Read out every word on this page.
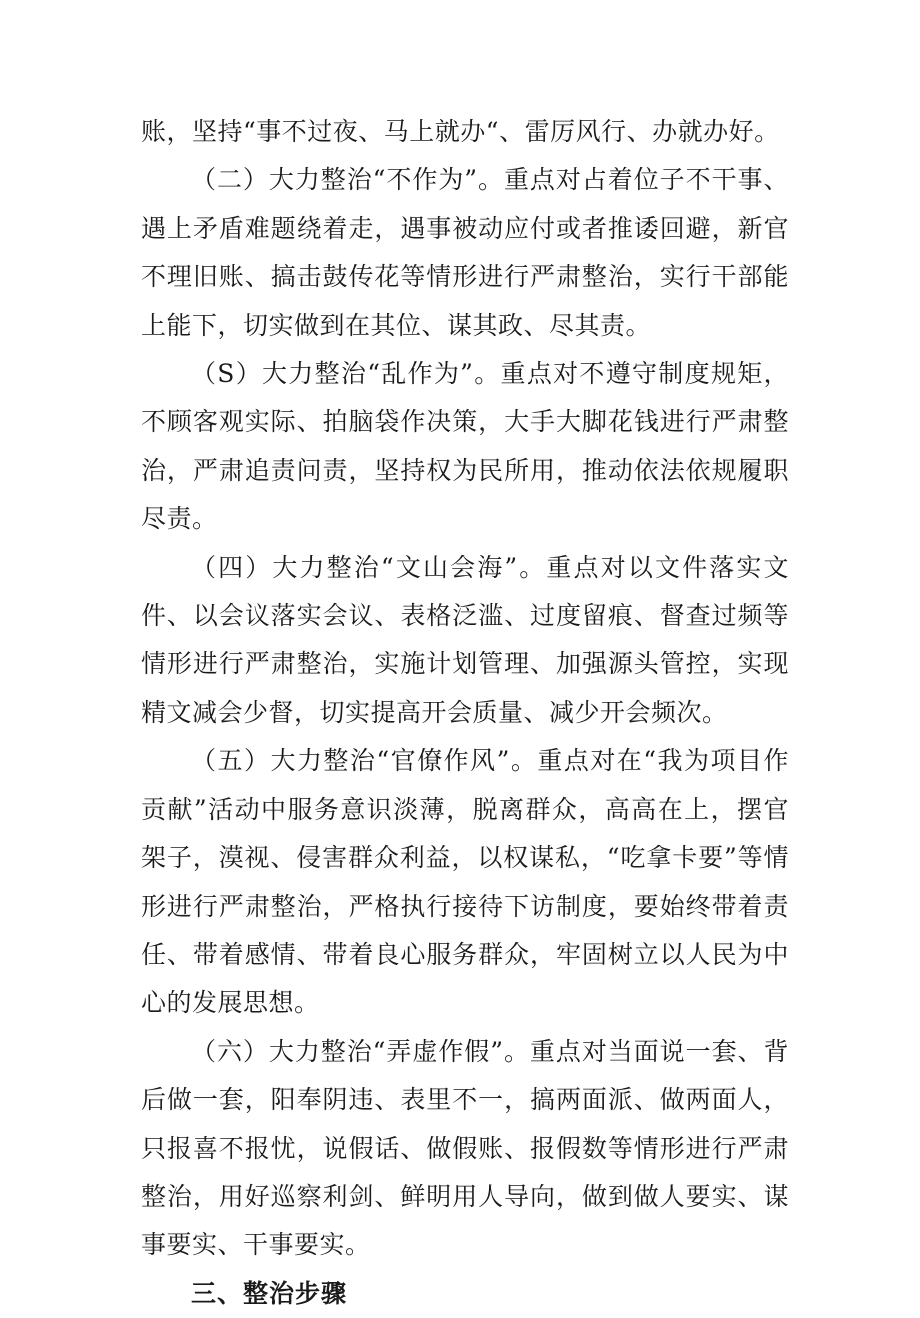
账，坚持“事不过夜、马上就办“、雷厉风行、办就办好。

（二）大力整治“不作为”。重点对占着位子不干事、遇上矛盾难题绕着走，遇事被动应付或者推诿回避，新官不理旧账、搞击鼓传花等情形进行严肃整治，实行干部能上能下，切实做到在其位、谋其政、尽其责。

（S）大力整治“乱作为”。重点对不遵守制度规矩，不顾客观实际、拍脑袋作决策，大手大脚花钱进行严肃整治，严肃追责问责，坚持权为民所用，推动依法依规履职尽责。

（四）大力整治“文山会海”。重点对以文件落实文件、以会议落实会议、表格泛滥、过度留痕、督查过频等情形进行严肃整治，实施计划管理、加强源头管控，实现精文减会少督，切实提高开会质量、减少开会频次。

（五）大力整治“官僚作风”。重点对在“我为项目作贡献”活动中服务意识淡薄，脱离群众，高高在上，摆官架子，漠视、侵害群众利益，以权谋私，“吃拿卡要”等情形进行严肃整治，严格执行接待下访制度，要始终带着责任、带着感情、带着良心服务群众，牢固树立以人民为中心的发展思想。

（六）大力整治“弄虚作假”。重点对当面说一套、背后做一套，阳奉阴违、表里不一，搞两面派、做两面人，只报喜不报忧，说假话、做假账、报假数等情形进行严肃整治，用好巡察利剑、鲜明用人导向，做到做人要实、谋事要实、干事要实。

三、整治步骤
